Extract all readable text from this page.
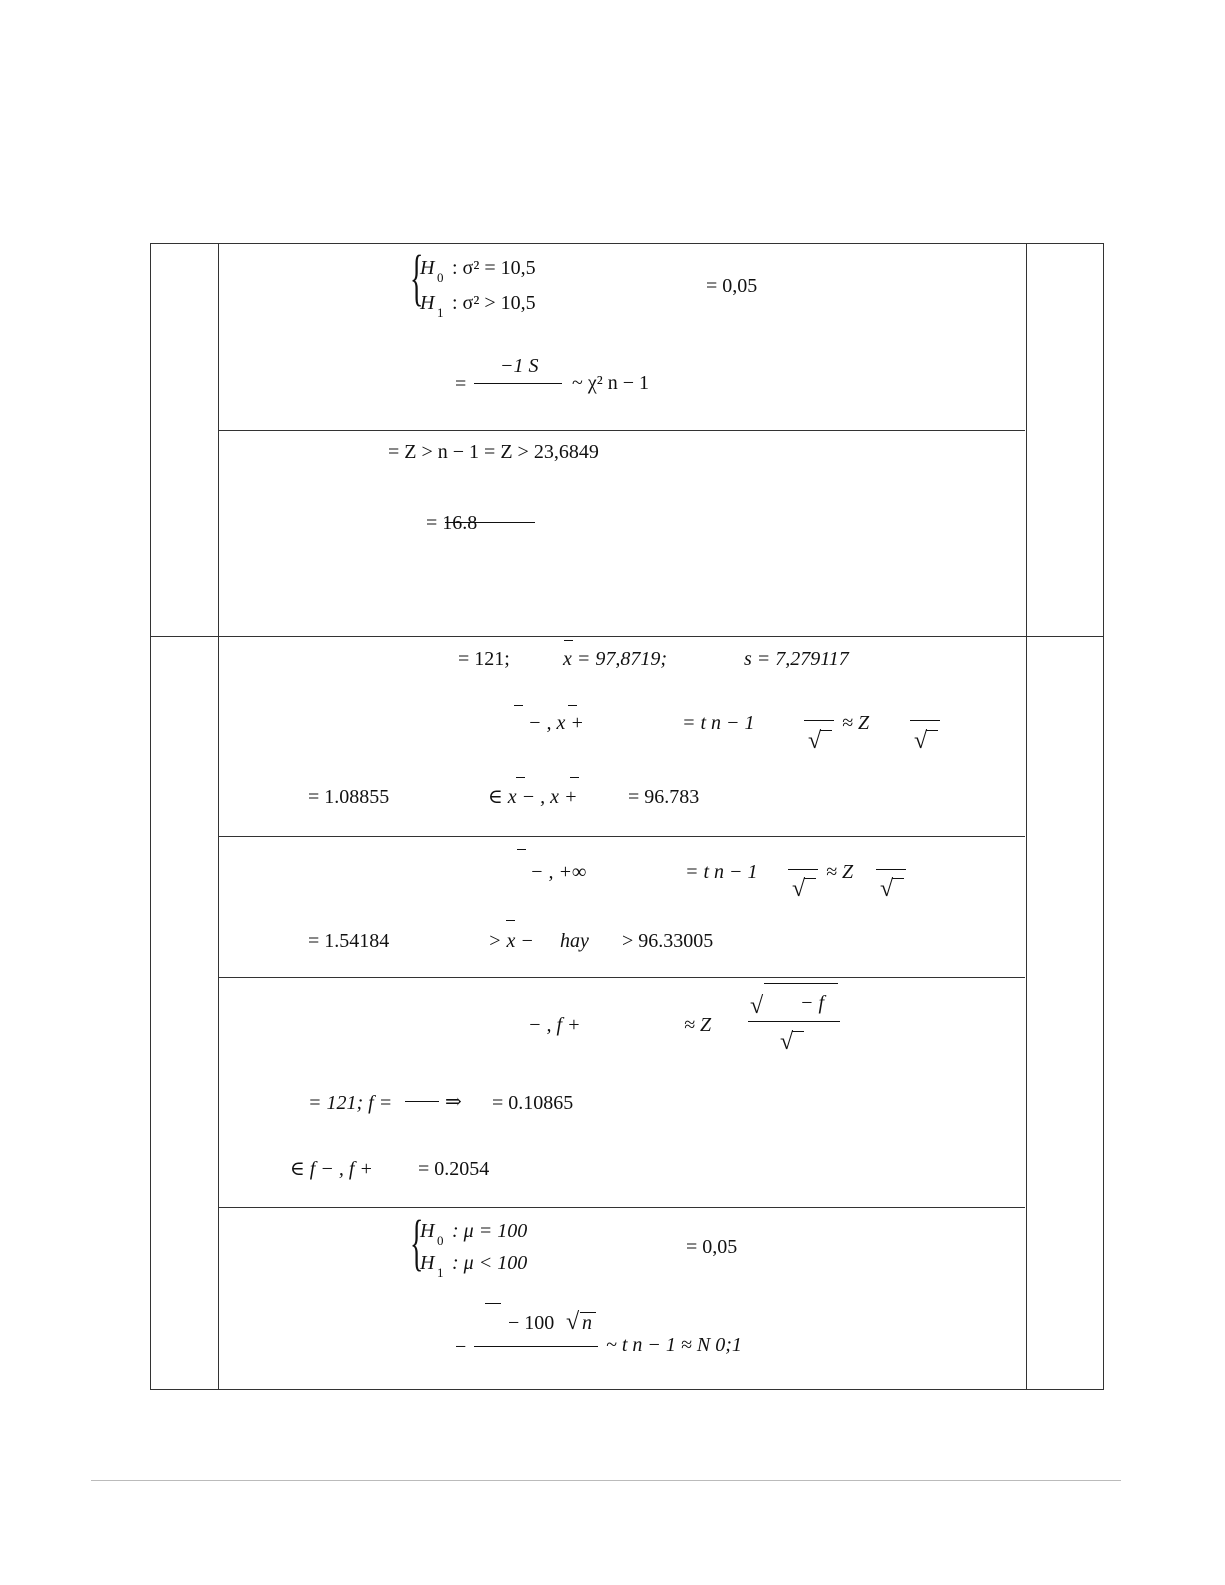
{
H 0 : σ² = 10,5
H 1 : σ² > 10,5
= 0,05
=
−1 S
~ χ² n − 1
= Z > n − 1 = Z > 23,6849
= 16.8
= 121;	x = 97,8719;	s = 7,279117
− , x +	= t n − 1
√
≈ Z
√
= 1.08855	∈ x − , x +	= 96.783
− , +∞	= t n − 1
√
≈ Z
√
= 1.54184	> x − hay > 96.33005
− , f +	≈ Z
√ − f
√
= 121; f =	⇒ = 0.10865
∈ f − , f + = 0.2054
{
H 0 : μ = 100
H 1 : μ < 100
= 0,05
− 100 √ n
−	~ t n − 1 ≈ N 0;1
